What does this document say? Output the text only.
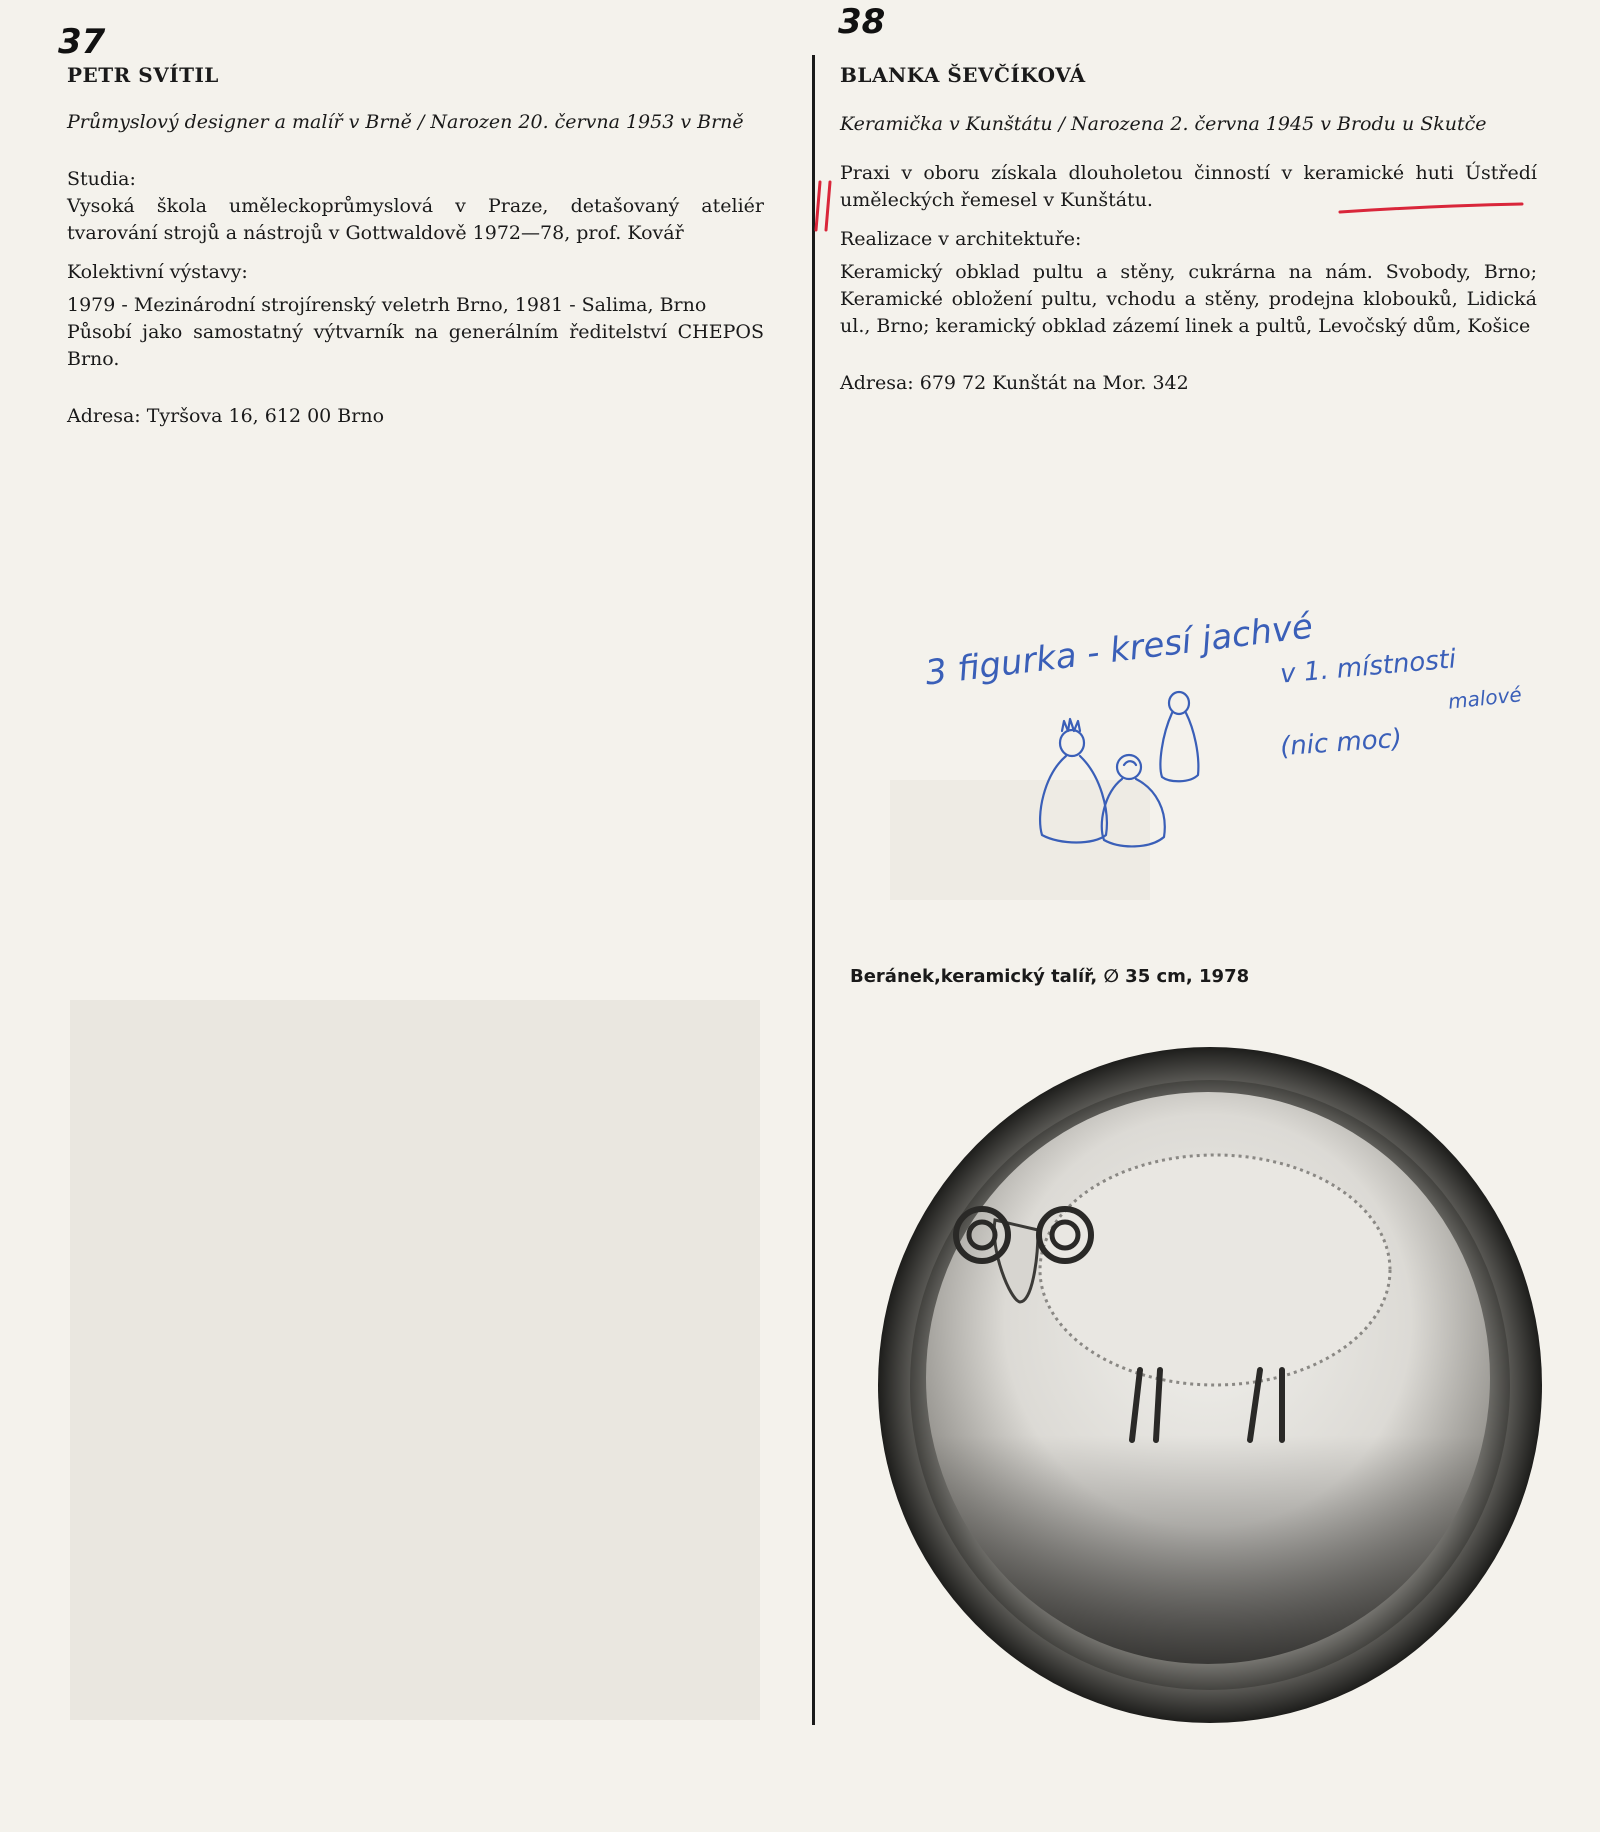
37
PETR SVÍTIL

Průmyslový designer a malíř v Brně / Narozen 20. června 1953 v Brně

Studia:

Vysoká škola uměleckoprůmyslová v Praze, detašovaný ateliér tvarování strojů a nástrojů v Gottwaldově 1972—78, prof. Kovář

Kolektivní výstavy:

1979 - Mezinárodní strojírenský veletrh Brno, 1981 - Salima, Brno

Působí jako samostatný výtvarník na generálním ředitelství CHEPOS Brno.

Adresa: Tyršova 16, 612 00 Brno

38
BLANKA ŠEVČÍKOVÁ

Keramička v Kunštátu / Narozena 2. června 1945 v Brodu u Skutče

Praxi v oboru získala dlouholetou činností v keramické huti Ústředí uměleckých řemesel v Kunštátu.

Realizace v architektuře:

Keramický obklad pultu a stěny, cukrárna na nám. Svobody, Brno; Keramické obložení pultu, vchodu a stěny, prodejna klobouků, Lidická ul., Brno; keramický obklad zázemí linek a pultů, Levočský dům, Košice

Adresa: 679 72 Kunštát na Mor. 342

3 figurka - kresí jachvé
v 1. místnosti
malové
(nic moc)
Beránek,keramický talíř, ∅ 35 cm, 1978
